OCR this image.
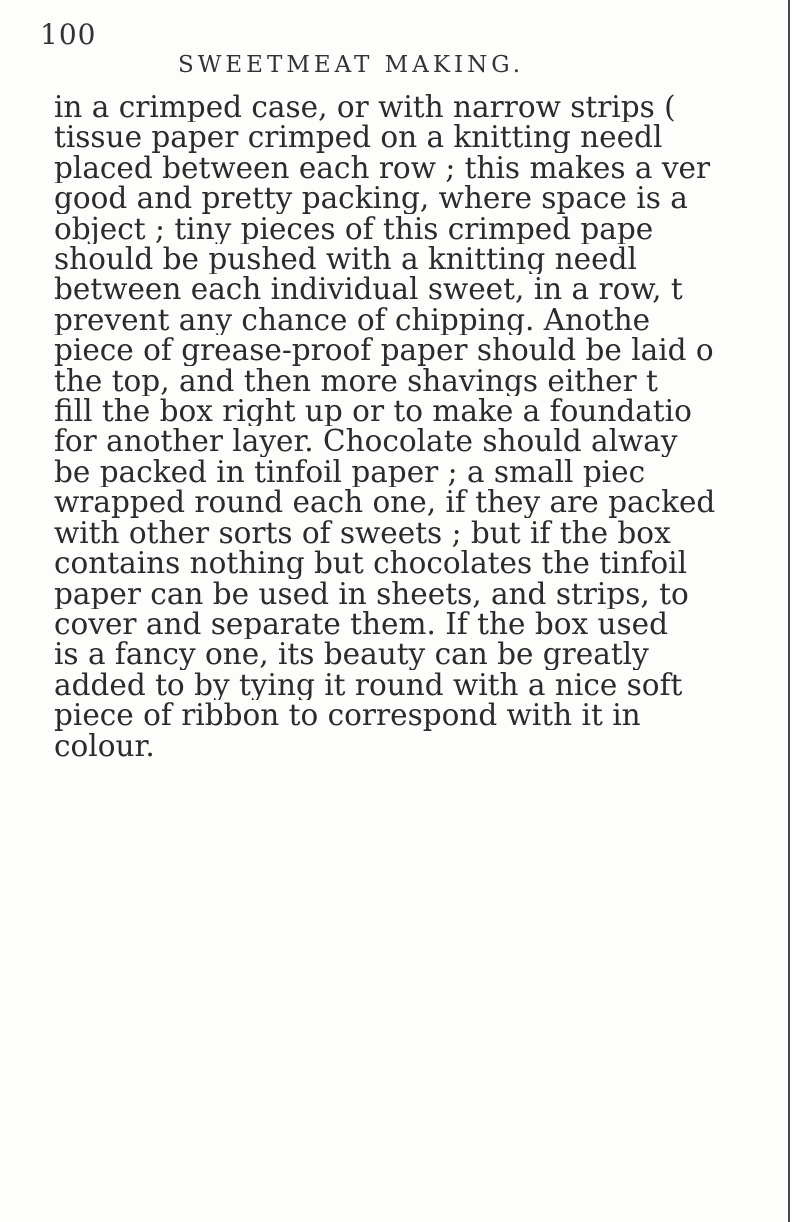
100
SWEETMEAT MAKING.
in a crimped case, or with narrow strips (
tissue paper crimped on a knitting needl
placed between each row ; this makes a ver
good and pretty packing, where space is a
object ; tiny pieces of this crimped pape
should be pushed with a knitting needl
between each individual sweet, in a row, t
prevent any chance of chipping. Anothe
piece of grease-proof paper should be laid o
the top, and then more shavings either t
fill the box right up or to make a foundatio
for another layer. Chocolate should alway
be packed in tinfoil paper ; a small piec
wrapped round each one, if they are packed
with other sorts of sweets ; but if the box
contains nothing but chocolates the tinfoil
paper can be used in sheets, and strips, to
cover and separate them. If the box used
is a fancy one, its beauty can be greatly
added to by tying it round with a nice soft
piece of ribbon to correspond with it in
colour.
